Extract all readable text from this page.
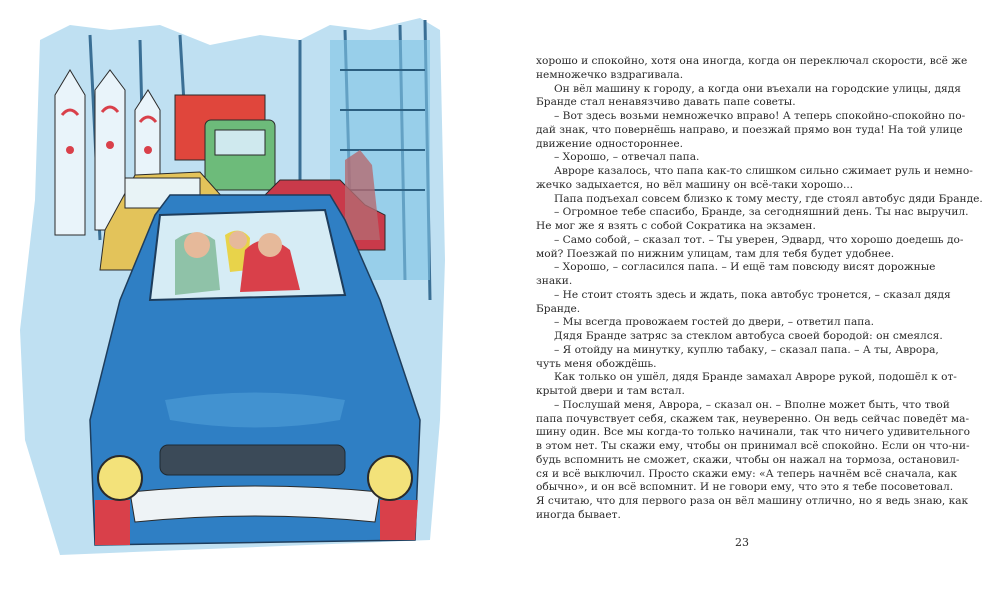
хорошо и спокойно, хотя она иногда, когда он переключал скорости, всё же
немножечко вздрагивала.
Он вёл машину к городу, а когда они въехали на городские улицы, дядя
Бранде стал ненавязчиво давать папе советы.
– Вот здесь возьми немножечко вправо! А теперь спокойно-спокойно по-
дай знак, что повернёшь направо, и поезжай прямо вон туда! На той улице
движение одностороннее.
– Хорошо, – отвечал папа.
Авроре казалось, что папа как-то слишком сильно сжимает руль и немно-
жечко задыхается, но вёл машину он всё-таки хорошо...
Папа подъехал совсем близко к тому месту, где стоял автобус дяди Бранде.
– Огромное тебе спасибо, Бранде, за сегодняшний день. Ты нас выручил.
Не мог же я взять с собой Сократика на экзамен.
– Само собой, – сказал тот. – Ты уверен, Эдвард, что хорошо доедешь до-
мой? Поезжай по нижним улицам, там для тебя будет удобнее.
– Хорошо, – согласился папа. – И ещё там повсюду висят дорожные
знаки.
– Не стоит стоять здесь и ждать, пока автобус тронется, – сказал дядя
Бранде.
– Мы всегда провожаем гостей до двери, – ответил папа.
Дядя Бранде затряс за стеклом автобуса своей бородой: он смеялся.
– Я отойду на минутку, куплю табаку, – сказал папа. – А ты, Аврора,
чуть меня обождёшь.
Как только он ушёл, дядя Бранде замахал Авроре рукой, подошёл к от-
крытой двери и там встал.
– Послушай меня, Аврора, – сказал он. – Вполне может быть, что твой
папа почувствует себя, скажем так, неуверенно. Он ведь сейчас поведёт ма-
шину один. Все мы когда-то только начинали, так что ничего удивительного
в этом нет. Ты скажи ему, чтобы он принимал всё спокойно. Если он что-ни-
будь вспомнить не сможет, скажи, чтобы он нажал на тормоза, остановил-
ся и всё выключил. Просто скажи ему: «А теперь начнём всё сначала, как
обычно», и он всё вспомнит. И не говори ему, что это я тебе посоветовал.
Я считаю, что для первого раза он вёл машину отлично, но я ведь знаю, как
иногда бывает.
23
